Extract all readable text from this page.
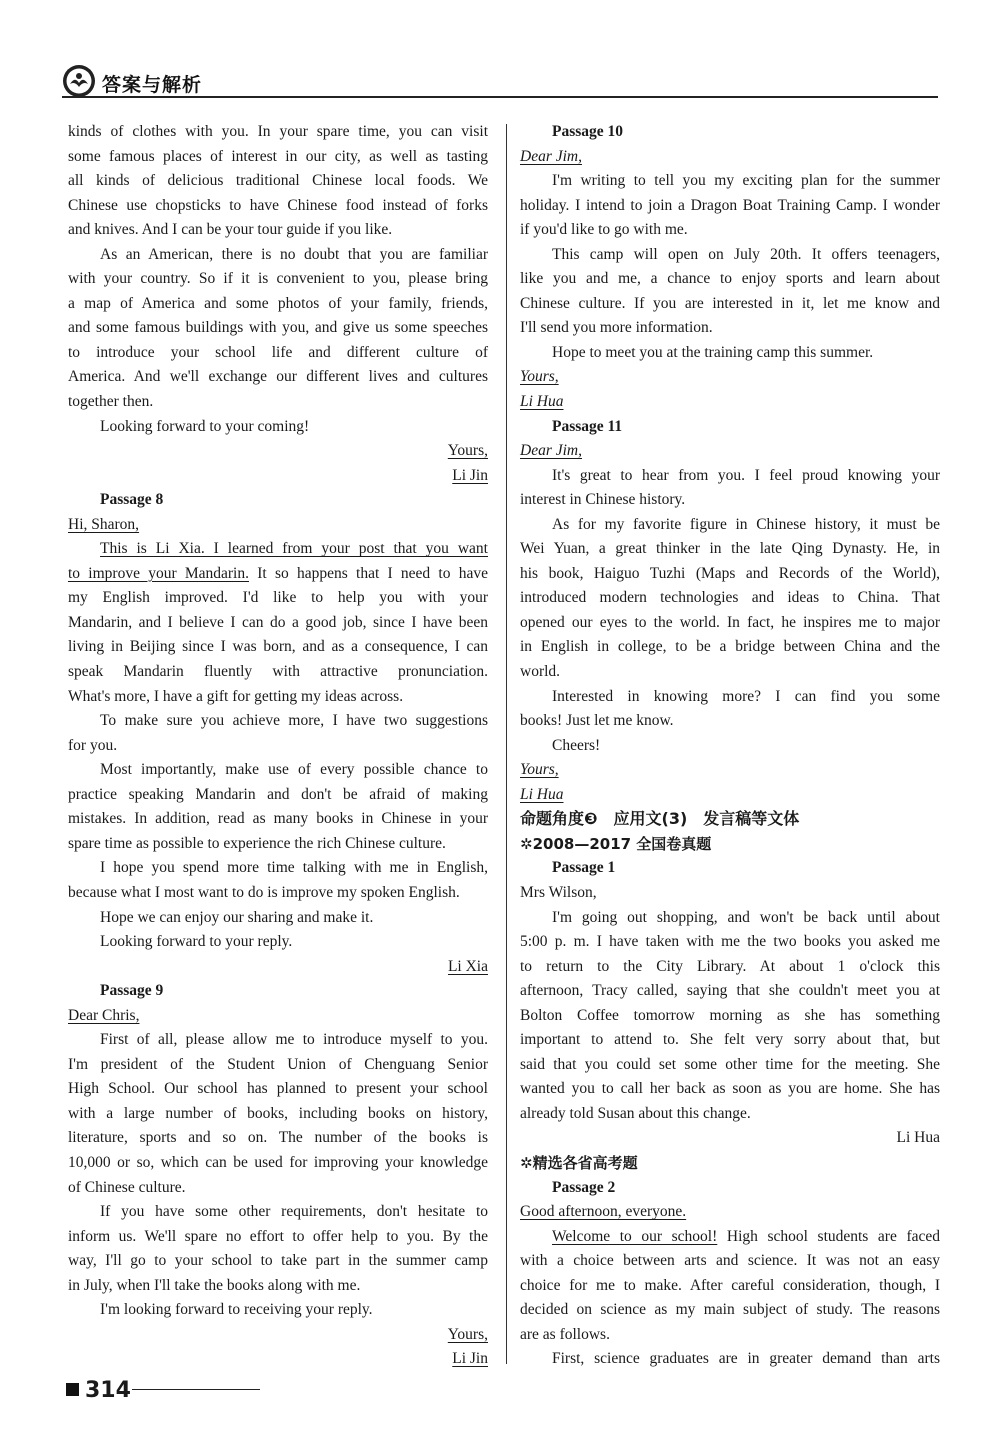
答案与解析

kinds of clothes with you. In your spare time, you can visit

some famous places of interest in our city, as well as tasting

all kinds of delicious traditional Chinese local foods. We

Chinese use chopsticks to have Chinese food instead of forks

and knives. And I can be your tour guide if you like.

As an American, there is no doubt that you are familiar

with your country. So if it is convenient to you, please bring

a map of America and some photos of your family, friends,

and some famous buildings with you, and give us some speeches

to introduce your school life and different culture of

America. And we'll exchange our different lives and cultures

together then.

Looking forward to your coming!

Yours,

Li Jin

Passage 8

Hi, Sharon,

This is Li Xia. I learned from your post that you want

to improve your Mandarin. It so happens that I need to have

my English improved. I'd like to help you with your

Mandarin, and I believe I can do a good job, since I have been

living in Beijing since I was born, and as a consequence, I can

speak Mandarin fluently with attractive pronunciation.

What's more, I have a gift for getting my ideas across.

To make sure you achieve more, I have two suggestions

for you.

Most importantly, make use of every possible chance to

practice speaking Mandarin and don't be afraid of making

mistakes. In addition, read as many books in Chinese in your

spare time as possible to experience the rich Chinese culture.

I hope you spend more time talking with me in English,

because what I most want to do is improve my spoken English.

Hope we can enjoy our sharing and make it.

Looking forward to your reply.

Li Xia

Passage 9

Dear Chris,

First of all, please allow me to introduce myself to you.

I'm president of the Student Union of Chenguang Senior

High School. Our school has planned to present your school

with a large number of books, including books on history,

literature, sports and so on. The number of the books is

10,000 or so, which can be used for improving your knowledge

of Chinese culture.

If you have some other requirements, don't hesitate to

inform us. We'll spare no effort to offer help to you. By the

way, I'll go to your school to take part in the summer camp

in July, when I'll take the books along with me.

I'm looking forward to receiving your reply.

Yours,

Li Jin

Passage 10

Dear Jim,

I'm writing to tell you my exciting plan for the summer

holiday. I intend to join a Dragon Boat Training Camp. I wonder

if you'd like to go with me.

This camp will open on July 20th. It offers teenagers,

like you and me, a chance to enjoy sports and learn about

Chinese culture. If you are interested in it, let me know and

I'll send you more information.

Hope to meet you at the training camp this summer.

Yours,

Li Hua

Passage 11

Dear Jim,

It's great to hear from you. I feel proud knowing your

interest in Chinese history.

As for my favorite figure in Chinese history, it must be

Wei Yuan, a great thinker in the late Qing Dynasty. He, in

his book, Haiguo Tuzhi (Maps and Records of the World),

introduced modern technologies and ideas to China. That

opened our eyes to the world. In fact, he inspires me to major

in English in college, to be a bridge between China and the

world.

Interested in knowing more? I can find you some

books! Just let me know.

Cheers!

Yours,

Li Hua

命题角度❸　应用文(3)　发言稿等文体

✲2008—2017 全国卷真题

Passage 1

Mrs Wilson,

I'm going out shopping, and won't be back until about

5:00 p. m. I have taken with me the two books you asked me

to return to the City Library. At about 1 o'clock this

afternoon, Tracy called, saying that she couldn't meet you at

Bolton Coffee tomorrow morning as she has something

important to attend to. She felt very sorry about that, but

said that you could set some other time for the meeting. She

wanted you to call her back as soon as you are home. She has

already told Susan about this change.

Li Hua

✲精选各省高考题

Passage 2

Good afternoon, everyone.

Welcome to our school! High school students are faced

with a choice between arts and science. It was not an easy

choice for me to make. After careful consideration, though, I

decided on science as my main subject of study. The reasons

are as follows.

First, science graduates are in greater demand than arts

314
